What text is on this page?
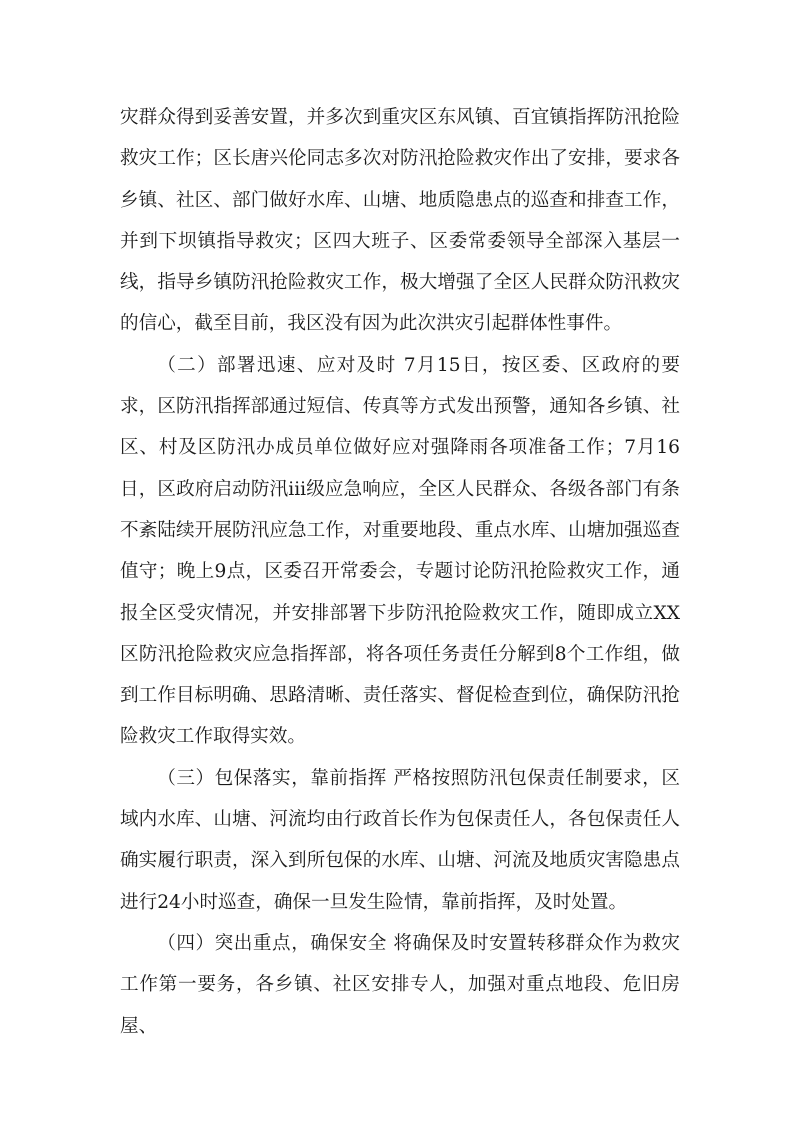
灾群众得到妥善安置，并多次到重灾区东风镇、百宜镇指挥防汛抢险救灾工作；区长唐兴伦同志多次对防汛抢险救灾作出了安排，要求各乡镇、社区、部门做好水库、山塘、地质隐患点的巡查和排查工作，并到下坝镇指导救灾；区四大班子、区委常委领导全部深入基层一线，指导乡镇防汛抢险救灾工作，极大增强了全区人民群众防汛救灾的信心，截至目前，我区没有因为此次洪灾引起群体性事件。

（二）部署迅速、应对及时 7月15日，按区委、区政府的要求，区防汛指挥部通过短信、传真等方式发出预警，通知各乡镇、社区、村及区防汛办成员单位做好应对强降雨各项准备工作；7月16 日，区政府启动防汛iii级应急响应，全区人民群众、各级各部门有条不紊陆续开展防汛应急工作，对重要地段、重点水库、山塘加强巡查值守；晚上9点，区委召开常委会，专题讨论防汛抢险救灾工作，通报全区受灾情况，并安排部署下步防汛抢险救灾工作，随即成立XX区防汛抢险救灾应急指挥部，将各项任务责任分解到8个工作组，做到工作目标明确、思路清晰、责任落实、督促检查到位，确保防汛抢险救灾工作取得实效。

（三）包保落实，靠前指挥 严格按照防汛包保责任制要求，区域内水库、山塘、河流均由行政首长作为包保责任人，各包保责任人确实履行职责，深入到所包保的水库、山塘、河流及地质灾害隐患点进行24小时巡查，确保一旦发生险情，靠前指挥，及时处置。

（四）突出重点，确保安全 将确保及时安置转移群众作为救灾工作第一要务，各乡镇、社区安排专人，加强对重点地段、危旧房屋、
